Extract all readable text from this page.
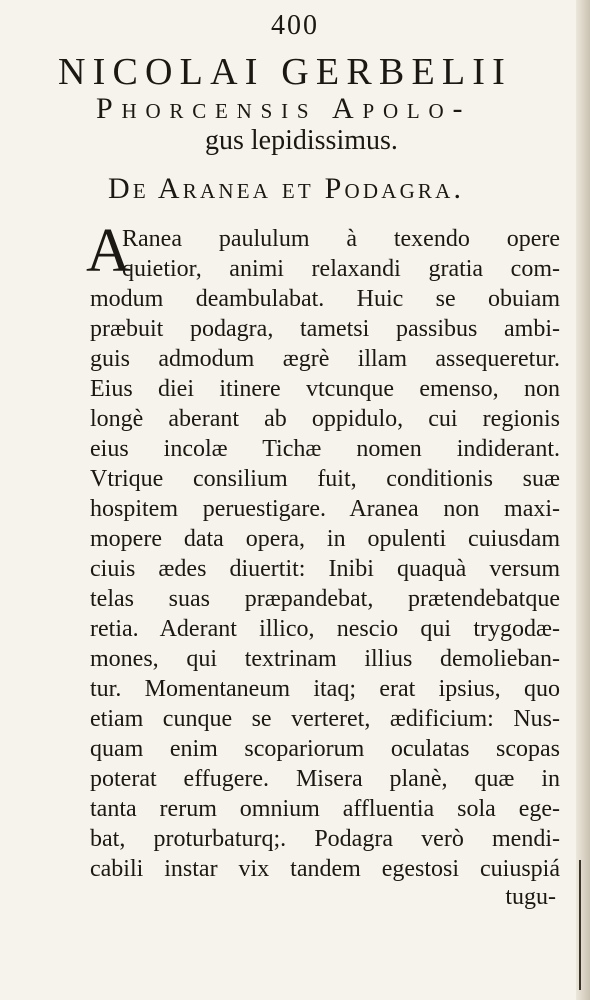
400
NICOLAI GERBELII
Phorcensis Apolo-
gus lepidissimus.
De Aranea et Podagra.
A
Ranea paululum à texendo opere
quietior, animi relaxandi gratia com-
modum deambulabat. Huic se obuiam
præbuit podagra, tametsi passibus ambi-
guis admodum ægrè illam assequeretur.
Eius diei itinere vtcunque emenso, non
longè aberant ab oppidulo, cui regionis
eius incolæ Tichæ nomen indiderant.
Vtrique consilium fuit, conditionis suæ
hospitem peruestigare. Aranea non maxi-
mopere data opera, in opulenti cuiusdam
ciuis ædes diuertit: Inibi quaquà versum
telas suas præpandebat, prætendebatque
retia. Aderant illico, nescio qui trygodæ-
mones, qui textrinam illius demolieban-
tur. Momentaneum itaq; erat ipsius, quo
etiam cunque se verteret, ædificium: Nus-
quam enim scopariorum oculatas scopas
poterat effugere. Misera planè, quæ in
tanta rerum omnium affluentia sola ege-
bat, proturbaturq;. Podagra verò mendi-
cabili instar vix tandem egestosi cuiuspiá
tugu-
